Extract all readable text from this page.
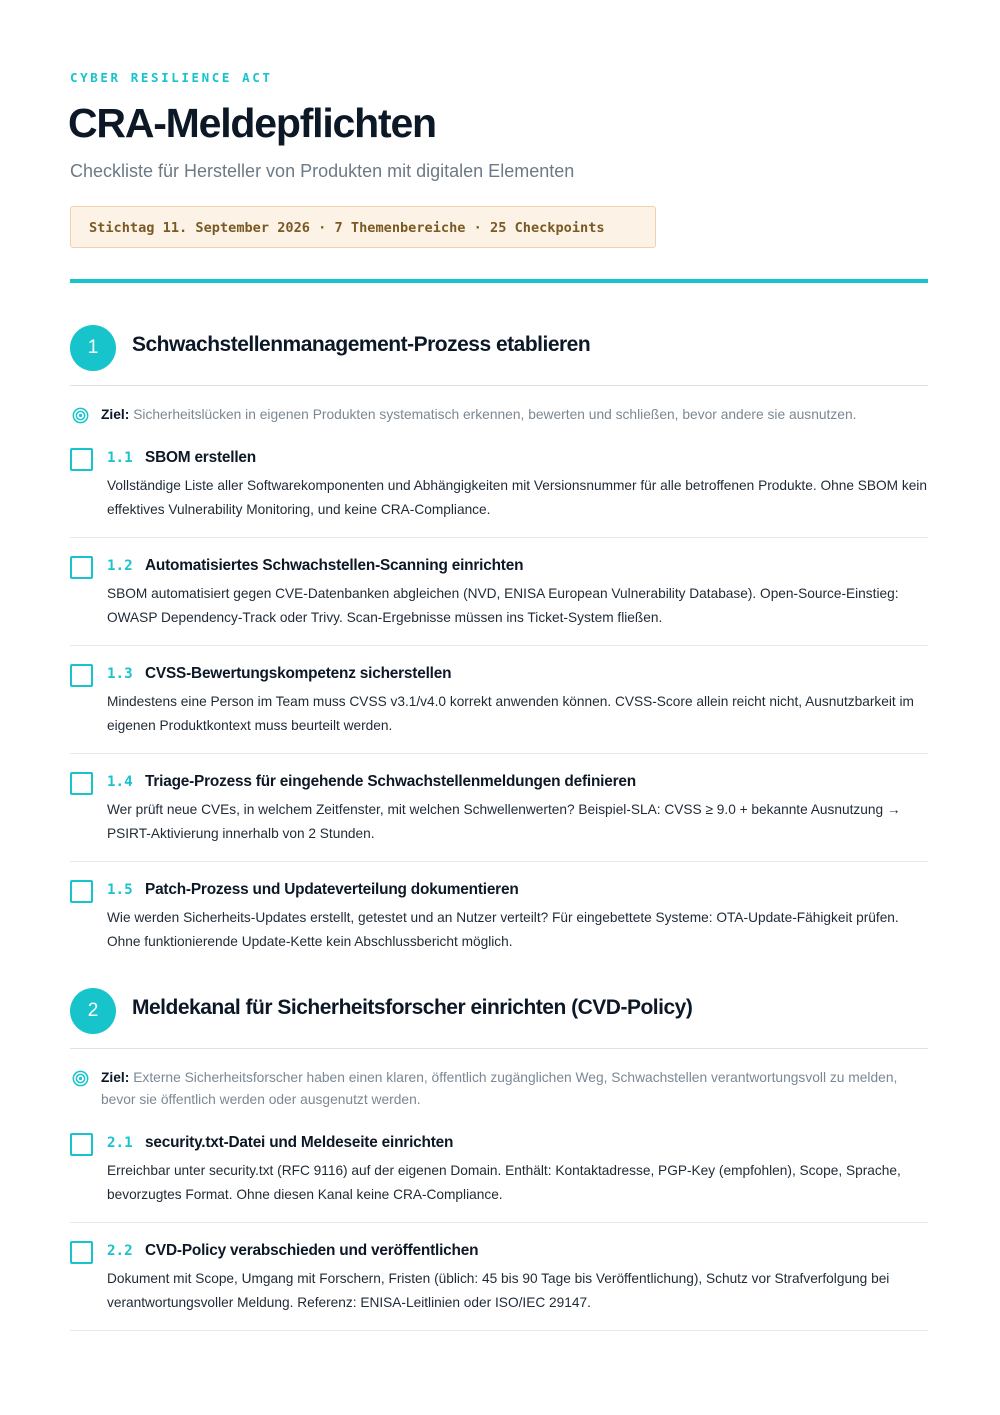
CYBER RESILIENCE ACT
CRA-Meldepflichten
Checkliste für Hersteller von Produkten mit digitalen Elementen
Stichtag 11. September 2026 · 7 Themenbereiche · 25 Checkpoints
1	Schwachstellenmanagement-Prozess etablieren
Ziel: Sicherheitslücken in eigenen Produkten systematisch erkennen, bewerten und schließen, bevor andere sie ausnutzen.
1.1 SBOM erstellen
Vollständige Liste aller Softwarekomponenten und Abhängigkeiten mit Versionsnummer für alle betroffenen Produkte. Ohne SBOM kein effektives Vulnerability Monitoring, und keine CRA-Compliance.
1.2 Automatisiertes Schwachstellen-Scanning einrichten
SBOM automatisiert gegen CVE-Datenbanken abgleichen (NVD, ENISA European Vulnerability Database). Open-Source-Einstieg: OWASP Dependency-Track oder Trivy. Scan-Ergebnisse müssen ins Ticket-System fließen.
1.3 CVSS-Bewertungskompetenz sicherstellen
Mindestens eine Person im Team muss CVSS v3.1/v4.0 korrekt anwenden können. CVSS-Score allein reicht nicht, Ausnutzbarkeit im eigenen Produktkontext muss beurteilt werden.
1.4 Triage-Prozess für eingehende Schwachstellenmeldungen definieren
Wer prüft neue CVEs, in welchem Zeitfenster, mit welchen Schwellenwerten? Beispiel-SLA: CVSS ≥ 9.0 + bekannte Ausnutzung → PSIRT-Aktivierung innerhalb von 2 Stunden.
1.5 Patch-Prozess und Updateverteilung dokumentieren
Wie werden Sicherheits-Updates erstellt, getestet und an Nutzer verteilt? Für eingebettete Systeme: OTA-Update-Fähigkeit prüfen. Ohne funktionierende Update-Kette kein Abschlussbericht möglich.
2	Meldekanal für Sicherheitsforscher einrichten (CVD-Policy)
Ziel: Externe Sicherheitsforscher haben einen klaren, öffentlich zugänglichen Weg, Schwachstellen verantwortungsvoll zu melden, bevor sie öffentlich werden oder ausgenutzt werden.
2.1 security.txt-Datei und Meldeseite einrichten
Erreichbar unter security.txt (RFC 9116) auf der eigenen Domain. Enthält: Kontaktadresse, PGP-Key (empfohlen), Scope, Sprache, bevorzugtes Format. Ohne diesen Kanal keine CRA-Compliance.
2.2 CVD-Policy verabschieden und veröffentlichen
Dokument mit Scope, Umgang mit Forschern, Fristen (üblich: 45 bis 90 Tage bis Veröffentlichung), Schutz vor Strafverfolgung bei verantwortungsvoller Meldung. Referenz: ENISA-Leitlinien oder ISO/IEC 29147.
